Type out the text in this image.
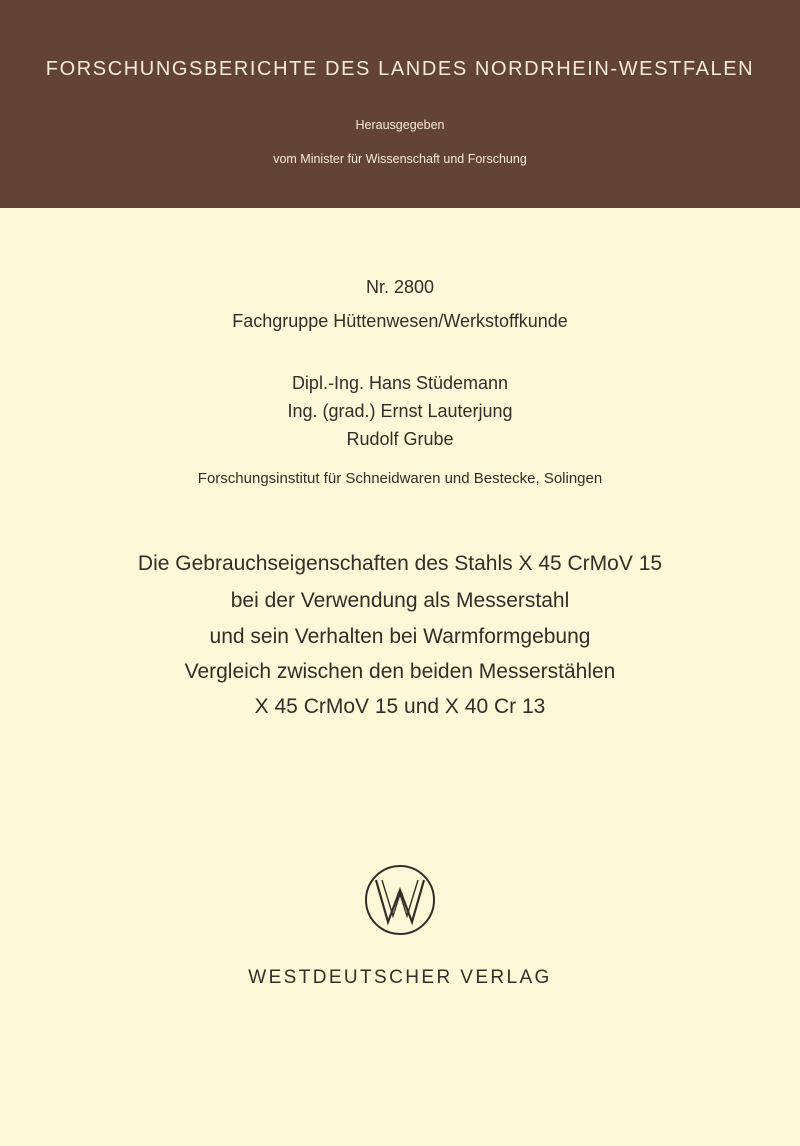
FORSCHUNGSBERICHTE DES LANDES NORDRHEIN-WESTFALEN
Herausgegeben
vom Minister für Wissenschaft und Forschung
Nr. 2800
Fachgruppe Hüttenwesen/Werkstoffkunde
Dipl.-Ing. Hans Stüdemann
Ing. (grad.) Ernst Lauterjung
Rudolf Grube
Forschungsinstitut für Schneidwaren und Bestecke, Solingen
Die Gebrauchseigenschaften des Stahls X 45 CrMoV 15
bei der Verwendung als Messerstahl
und sein Verhalten bei Warmformgebung
Vergleich zwischen den beiden Messerstählen
X 45 CrMoV 15 und X 40 Cr 13
WESTDEUTSCHER VERLAG
